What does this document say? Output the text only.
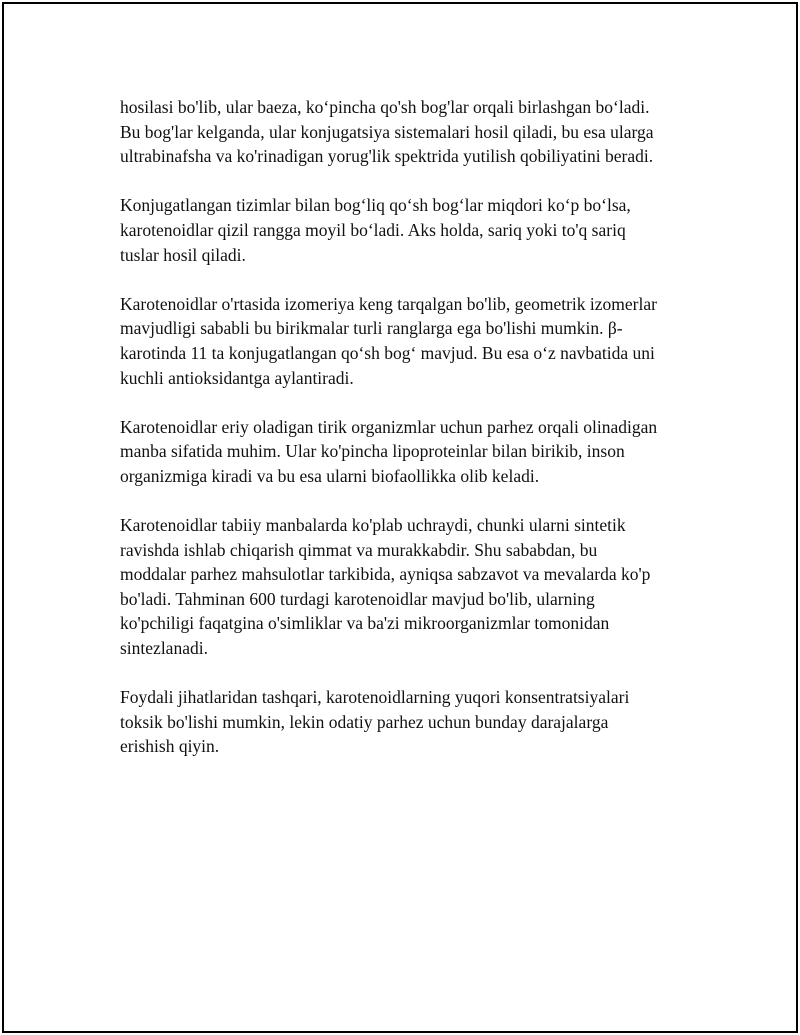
hosilasi bo'lib, ular baeza, ko‘pincha qo'sh bog'lar orqali birlashgan bo‘ladi.
Bu bog'lar kelganda, ular konjugatsiya sistemalari hosil qiladi, bu esa ularga
ultrabinafsha va ko'rinadigan yorug'lik spektrida yutilish qobiliyatini beradi.

Konjugatlangan tizimlar bilan bog‘liq qo‘sh bog‘lar miqdori ko‘p bo‘lsa,
karotenoidlar qizil rangga moyil bo‘ladi. Aks holda, sariq yoki to'q sariq
tuslar hosil qiladi.

Karotenoidlar o'rtasida izomeriya keng tarqalgan bo'lib, geometrik izomerlar
mavjudligi sababli bu birikmalar turli ranglarga ega bo'lishi mumkin. β-
karotinda 11 ta konjugatlangan qo‘sh bog‘ mavjud. Bu esa o‘z navbatida uni
kuchli antioksidantga aylantiradi.

Karotenoidlar eriy oladigan tirik organizmlar uchun parhez orqali olinadigan
manba sifatida muhim. Ular ko'pincha lipoproteinlar bilan birikib, inson
organizmiga kiradi va bu esa ularni biofaollikka olib keladi.

Karotenoidlar tabiiy manbalarda ko'plab uchraydi, chunki ularni sintetik
ravishda ishlab chiqarish qimmat va murakkabdir. Shu sababdan, bu
moddalar parhez mahsulotlar tarkibida, ayniqsa sabzavot va mevalarda ko'p
bo'ladi. Tahminan 600 turdagi karotenoidlar mavjud bo'lib, ularning
ko'pchiligi faqatgina o'simliklar va ba'zi mikroorganizmlar tomonidan
sintezlanadi.

Foydali jihatlaridan tashqari, karotenoidlarning yuqori konsentratsiyalari
toksik bo'lishi mumkin, lekin odatiy parhez uchun bunday darajalarga
erishish qiyin.
